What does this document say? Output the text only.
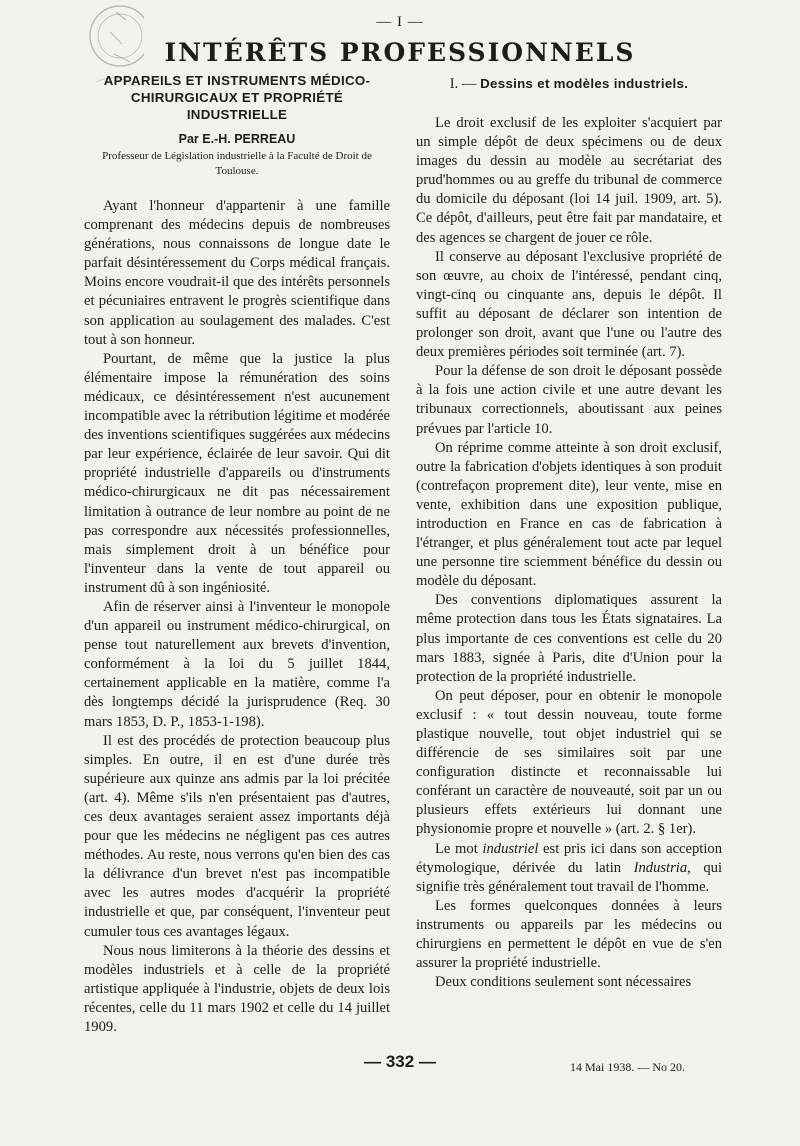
— I —
INTÉRÊTS PROFESSIONNELS
APPAREILS ET INSTRUMENTS MÉDICO-CHIRURGICAUX ET PROPRIÉTÉ INDUSTRIELLE
Par E.-H. PERREAU
Professeur de Législation industrielle à la Faculté de Droit de Toulouse.

Ayant l'honneur d'appartenir à une famille comprenant des médecins depuis de nombreuses générations, nous connaissons de longue date le parfait désintéressement du Corps médical français. Moins encore voudrait-il que des intérêts personnels et pécuniaires entravent le progrès scientifique dans son application au soulagement des malades. C'est tout à son honneur.

Pourtant, de même que la justice la plus élémentaire impose la rémunération des soins médicaux, ce désintéressement n'est aucunement incompatible avec la rétribution légitime et modérée des inventions scientifiques suggérées aux médecins par leur expérience, éclairée de leur savoir. Qui dit propriété industrielle d'appareils ou d'instruments médico-chirurgicaux ne dit pas nécessairement limitation à outrance de leur nombre au point de ne pas correspondre aux nécessités professionnelles, mais simplement droit à un bénéfice pour l'inventeur dans la vente de tout appareil ou instrument dû à son ingéniosité.

Afin de réserver ainsi à l'inventeur le monopole d'un appareil ou instrument médico-chirurgical, on pense tout naturellement aux brevets d'invention, conformément à la loi du 5 juillet 1844, certainement applicable en la matière, comme l'a dès longtemps décidé la jurisprudence (Req. 30 mars 1853, D. P., 1853-1-198).

Il est des procédés de protection beaucoup plus simples. En outre, il en est d'une durée très supérieure aux quinze ans admis par la loi précitée (art. 4). Même s'ils n'en présentaient pas d'autres, ces deux avantages seraient assez importants déjà pour que les médecins ne négligent pas ces autres méthodes. Au reste, nous verrons qu'en bien des cas la délivrance d'un brevet n'est pas incompatible avec les autres modes d'acquérir la propriété industrielle et que, par conséquent, l'inventeur peut cumuler tous ces avantages légaux.

Nous nous limiterons à la théorie des dessins et modèles industriels et à celle de la propriété artistique appliquée à l'industrie, objets de deux lois récentes, celle du 11 mars 1902 et celle du 14 juillet 1909.

I. — Dessins et modèles industriels.

Le droit exclusif de les exploiter s'acquiert par un simple dépôt de deux spécimens ou de deux images du dessin au modèle au secrétariat des prud'hommes ou au greffe du tribunal de commerce du domicile du déposant (loi 14 juil. 1909, art. 5). Ce dépôt, d'ailleurs, peut être fait par mandataire, et des agences se chargent de jouer ce rôle.

Il conserve au déposant l'exclusive propriété de son œuvre, au choix de l'intéressé, pendant cinq, vingt-cinq ou cinquante ans, depuis le dépôt. Il suffit au déposant de déclarer son intention de prolonger son droit, avant que l'une ou l'autre des deux premières périodes soit terminée (art. 7).

Pour la défense de son droit le déposant possède à la fois une action civile et une autre devant les tribunaux correctionnels, aboutissant aux peines prévues par l'article 10.

On réprime comme atteinte à son droit exclusif, outre la fabrication d'objets identiques à son produit (contrefaçon proprement dite), leur vente, mise en vente, exhibition dans une exposition publique, introduction en France en cas de fabrication à l'étranger, et plus généralement tout acte par lequel une personne tire sciemment bénéfice du dessin ou modèle du déposant.

Des conventions diplomatiques assurent la même protection dans tous les États signataires. La plus importante de ces conventions est celle du 20 mars 1883, signée à Paris, dite d'Union pour la protection de la propriété industrielle.

On peut déposer, pour en obtenir le monopole exclusif : « tout dessin nouveau, toute forme plastique nouvelle, tout objet industriel qui se différencie de ses similaires soit par une configuration distincte et reconnaissable lui conférant un caractère de nouveauté, soit par un ou plusieurs effets extérieurs lui donnant une physionomie propre et nouvelle » (art. 2. § 1er).

Le mot industriel est pris ici dans son acception étymologique, dérivée du latin Industria, qui signifie très généralement tout travail de l'homme.

Les formes quelconques données à leurs instruments ou appareils par les médecins ou chirurgiens en permettent le dépôt en vue de s'en assurer la propriété industrielle.

Deux conditions seulement sont nécessaires

— 332 —	14 Mai 1938. — No 20.
